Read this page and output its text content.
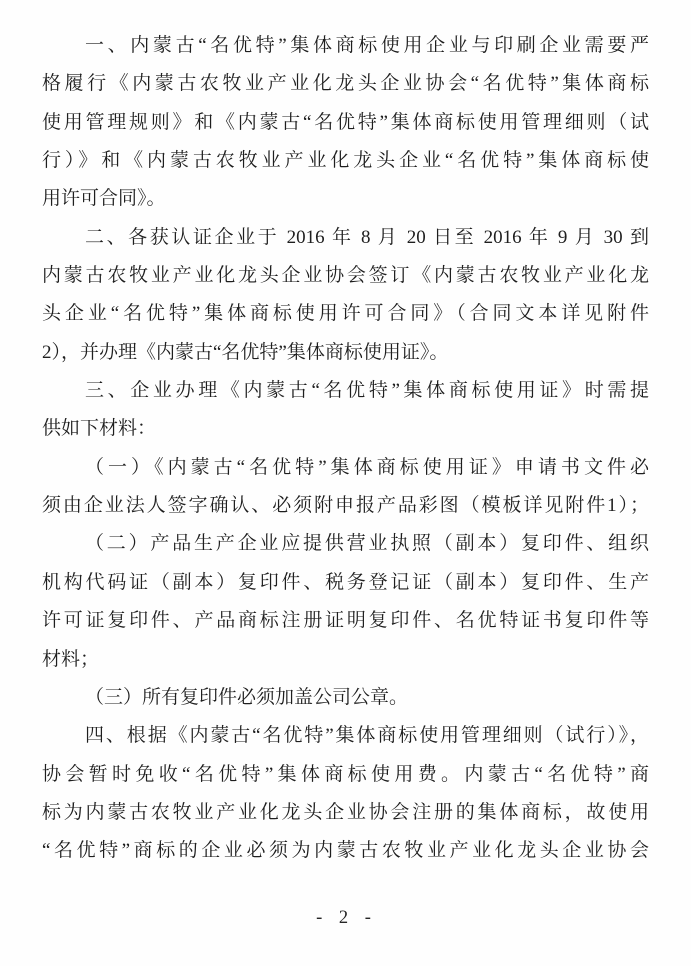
一、内蒙古“名优特”集体商标使用企业与印刷企业需要严

格履行《内蒙古农牧业产业化龙头企业协会“名优特”集体商标

使用管理规则》和《内蒙古“名优特”集体商标使用管理细则（试

行）》和《内蒙古农牧业产业化龙头企业“名优特”集体商标使

用许可合同》。

二、各获认证企业于 2016 年 8 月 20 日至 2016 年 9 月 30 到

内蒙古农牧业产业化龙头企业协会签订《内蒙古农牧业产业化龙

头企业“名优特”集体商标使用许可合同》（合同文本详见附件

2），并办理《内蒙古“名优特”集体商标使用证》。

三、企业办理《内蒙古“名优特”集体商标使用证》时需提

供如下材料：

（一）《内蒙古“名优特”集体商标使用证》申请书文件必

须由企业法人签字确认、必须附申报产品彩图（模板详见附件1）；

（二）产品生产企业应提供营业执照（副本）复印件、组织

机构代码证（副本）复印件、税务登记证（副本）复印件、生产

许可证复印件、产品商标注册证明复印件、名优特证书复印件等

材料；

（三）所有复印件必须加盖公司公章。

四、根据《内蒙古“名优特”集体商标使用管理细则（试行）》，

协会暂时免收“名优特”集体商标使用费。内蒙古“名优特”商

标为内蒙古农牧业产业化龙头企业协会注册的集体商标，故使用

“名优特”商标的企业必须为内蒙古农牧业产业化龙头企业协会

- 2 -
